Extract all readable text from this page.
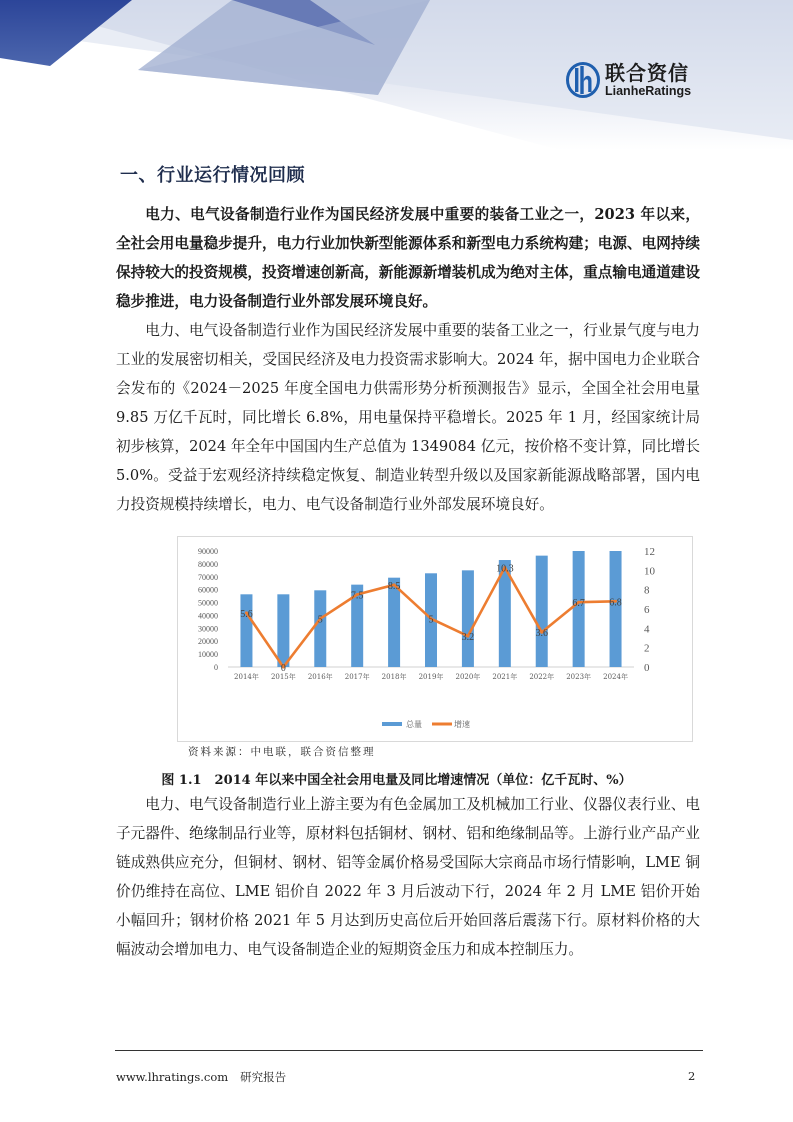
联合资信
LianheRatings
一、行业运行情况回顾

电力、电气设备制造行业作为国民经济发展中重要的装备工业之一，2023 年以来，全社会用电量稳步提升，电力行业加快新型能源体系和新型电力系统构建；电源、电网持续保持较大的投资规模，投资增速创新高，新能源新增装机成为绝对主体，重点输电通道建设稳步推进，电力设备制造行业外部发展环境良好。

电力、电气设备制造行业作为国民经济发展中重要的装备工业之一，行业景气度与电力工业的发展密切相关，受国民经济及电力投资需求影响大。2024 年，据中国电力企业联合会发布的《2024－2025 年度全国电力供需形势分析预测报告》显示，全国全社会用电量 9.85 万亿千瓦时，同比增长 6.8%，用电量保持平稳增长。2025 年 1 月，经国家统计局初步核算，2024 年全年中国国内生产总值为 1349084 亿元，按价格不变计算，同比增长 5.0%。受益于宏观经济持续稳定恢复、制造业转型升级以及国家新能源战略部署，国内电力投资规模持续增长，电力、电气设备制造行业外部发展环境良好。

0
10000
20000
30000
40000
50000
60000
70000
80000
90000
0
2
4
6
8
10
12
5.6
0
5
7.5
8.5
5
3.2
10.3
3.6
6.7 6.8
2014年 2015年 2016年 2017年 2018年 2019年 2020年 2021年 2022年 2023年 2024年
总量	增速
资料来源：中电联，联合资信整理
图 1.1　2014 年以来中国全社会用电量及同比增速情况（单位：亿千瓦时、%）

电力、电气设备制造行业上游主要为有色金属加工及机械加工行业、仪器仪表行业、电子元器件、绝缘制品行业等，原材料包括铜材、钢材、铝和绝缘制品等。上游行业产品产业链成熟供应充分，但铜材、钢材、铝等金属价格易受国际大宗商品市场行情影响，LME 铜价仍维持在高位、LME 铝价自 2022 年 3 月后波动下行，2024 年 2 月 LME 铝价开始小幅回升；钢材价格 2021 年 5 月达到历史高位后开始回落后震荡下行。原材料价格的大幅波动会增加电力、电气设备制造企业的短期资金压力和成本控制压力。

www.lhratings.com 研究报告	2
